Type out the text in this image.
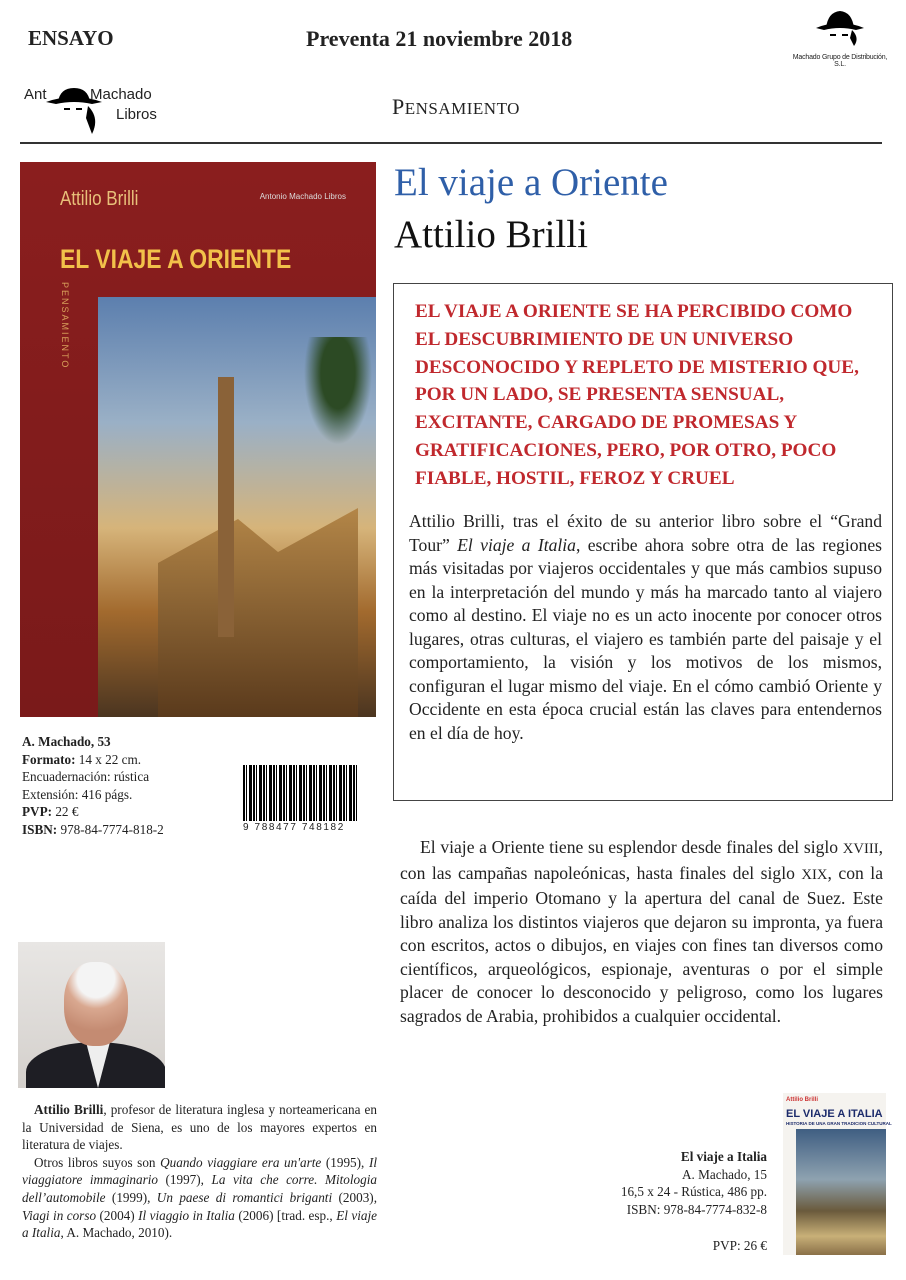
ENSAYO	Preventa 21 noviembre 2018
Machado Grupo de Distribución, S.L.
Ant	Machado
Libros	PENSAMIENTO
Attilio Brilli	Antonio Machado Libros
EL VIAJE A ORIENTE
PENSAMIENTO
El viaje a Oriente
Attilio Brilli
EL VIAJE A ORIENTE SE HA PERCIBIDO COMO EL DESCUBRIMIENTO DE UN UNIVERSO DESCONOCIDO Y REPLETO DE MISTERIO QUE, POR UN LADO, SE PRESENTA SENSUAL, EXCITANTE, CARGADO DE PROMESAS Y GRATIFICACIONES, PERO, POR OTRO, POCO FIABLE, HOSTIL, FEROZ Y CRUEL
Attilio Brilli, tras el éxito de su anterior libro sobre el “Grand Tour” El viaje a Italia, escribe ahora sobre otra de las regiones más visitadas por viajeros occidentales y que más cambios supuso en la interpretación del mundo y más ha marcado tanto al viajero como al destino. El viaje no es un acto inocente por conocer otros lugares, otras culturas, el viajero es también parte del paisaje y el comportamiento, la visión y los motivos de los mismos, configuran el lugar mismo del viaje. En el cómo cambió Oriente y Occidente en esta época crucial están las claves para entendernos en el día de hoy.
A. Machado, 53
Formato: 14 x 22 cm.
Encuadernación: rústica
Extensión: 416 págs.
PVP: 22 €
ISBN: 978-84-7774-818-2	9 788477 748182
El viaje a Oriente tiene su esplendor desde finales del siglo XVIII, con las campañas napoleónicas, hasta finales del siglo XIX, con la caída del imperio Otomano y la apertura del canal de Suez. Este libro analiza los distintos viajeros que dejaron su impronta, ya fuera con escritos, actos o dibujos, en viajes con fines tan diversos como científicos, arqueológicos, espionaje, aventuras o por el simple placer de conocer lo desconocido y peligroso, como los lugares sagrados de Arabia, prohibidos a cualquier occidental.

Attilio Brilli, profesor de literatura inglesa y norteamericana en la Universidad de Siena, es uno de los mayores expertos en literatura de viajes.

Otros libros suyos son Quando viaggiare era un'arte (1995), Il viaggiatore immaginario (1997), La vita che corre. Mitologia dell’automobile (1999), Un paese di romantici briganti (2003), Viagi in corso (2004) Il viaggio in Italia (2006) [trad. esp., El viaje a Italia, A. Machado, 2010).

El viaje a Italia
A. Machado, 15
16,5 x 24 - Rústica, 486 pp.
ISBN: 978-84-7774-832-8
PVP: 26 €
Attilio Brilli
EL VIAJE A ITALIA
HISTORIA DE UNA GRAN TRADICION CULTURAL
